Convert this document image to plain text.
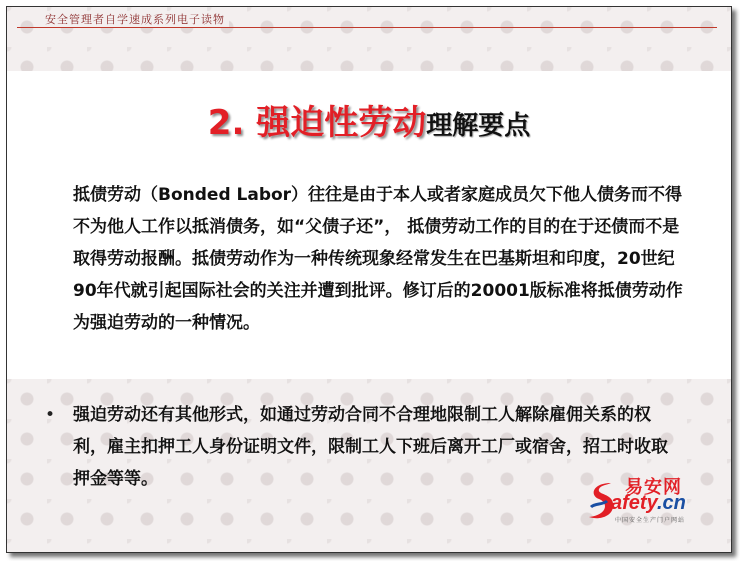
安全管理者自学速成系列电子读物
2. 强迫性劳动理解要点
抵债劳动（Bonded Labor）往往是由于本人或者家庭成员欠下他人债务而不得不为他人工作以抵消债务，如“父债子还”， 抵债劳动工作的目的在于还债而不是取得劳动报酬。抵债劳动作为一种传统现象经常发生在巴基斯坦和印度，20世纪90年代就引起国际社会的关注并遭到批评。修订后的20001版标准将抵债劳动作为强迫劳动的一种情况。
•	强迫劳动还有其他形式，如通过劳动合同不合理地限制工人解除雇佣关系的权利，雇主扣押工人身份证明文件，限制工人下班后离开工厂或宿舍，招工时收取押金等等。	易安网
afety.cn
中国安全生产门户网站
